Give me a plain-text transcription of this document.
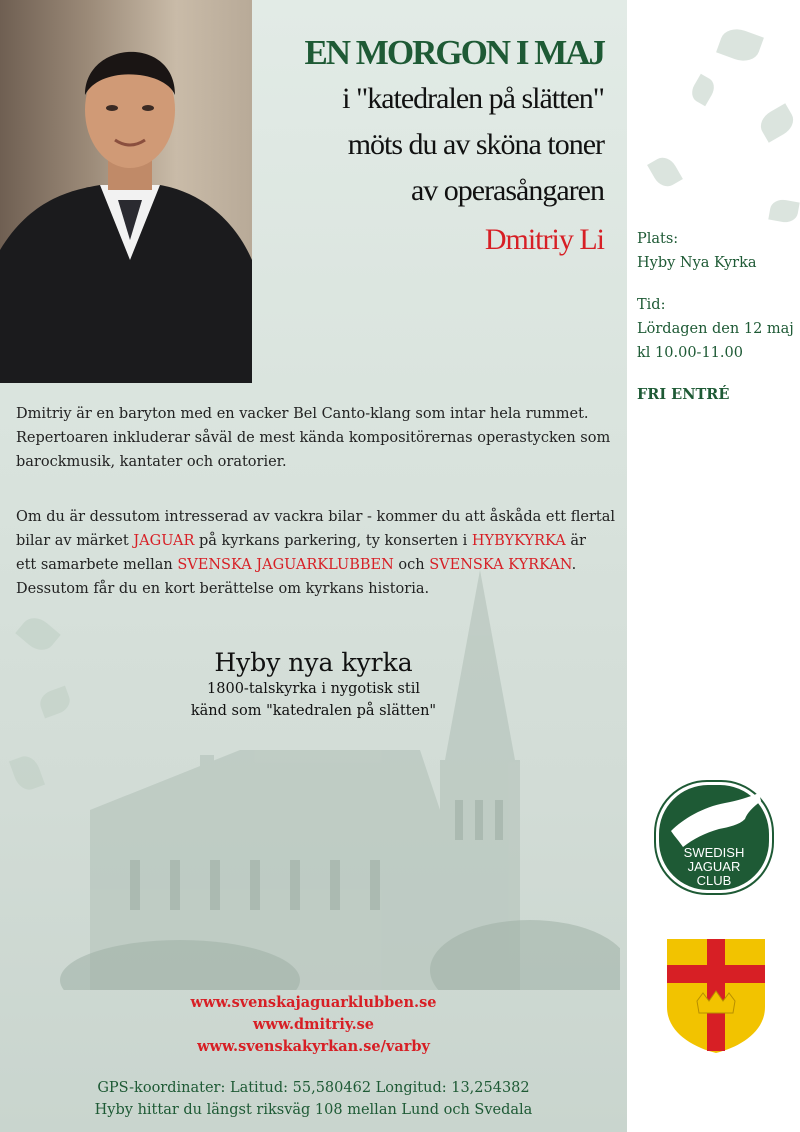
EN MORGON I MAJ
i "katedralen på slätten"
möts du av sköna toner
av operasångaren
Dmitriy Li Plats:
Hyby Nya Kyrka
Tid:
Lördagen den 12 maj
kl 10.00-11.00
FRI ENTRÉ
Dmitriy är en baryton med en vacker Bel Canto-klang som intar hela rummet.
Repertoaren inkluderar såväl de mest kända kompositörernas operastycken som
barockmusik, kantater och oratorier.
Om du är dessutom intresserad av vackra bilar - kommer du att åskåda ett flertal
bilar av märket JAGUAR på kyrkans parkering, ty konserten i HYBYKYRKA är
ett samarbete mellan SVENSKA JAGUARKLUBBEN och SVENSKA KYRKAN.
Dessutom får du en kort berättelse om kyrkans historia.
Hyby nya kyrka
1800-talskyrka i nygotisk stil
känd som "katedralen på slätten"
www.svenskajaguarklubben.se
www.dmitriy.se
www.svenskakyrkan.se/varby
GPS-koordinater: Latitud: 55,580462 Longitud: 13,254382
Hyby hittar du längst riksväg 108 mellan Lund och Svedala
SWEDISH
JAGUAR
CLUB
